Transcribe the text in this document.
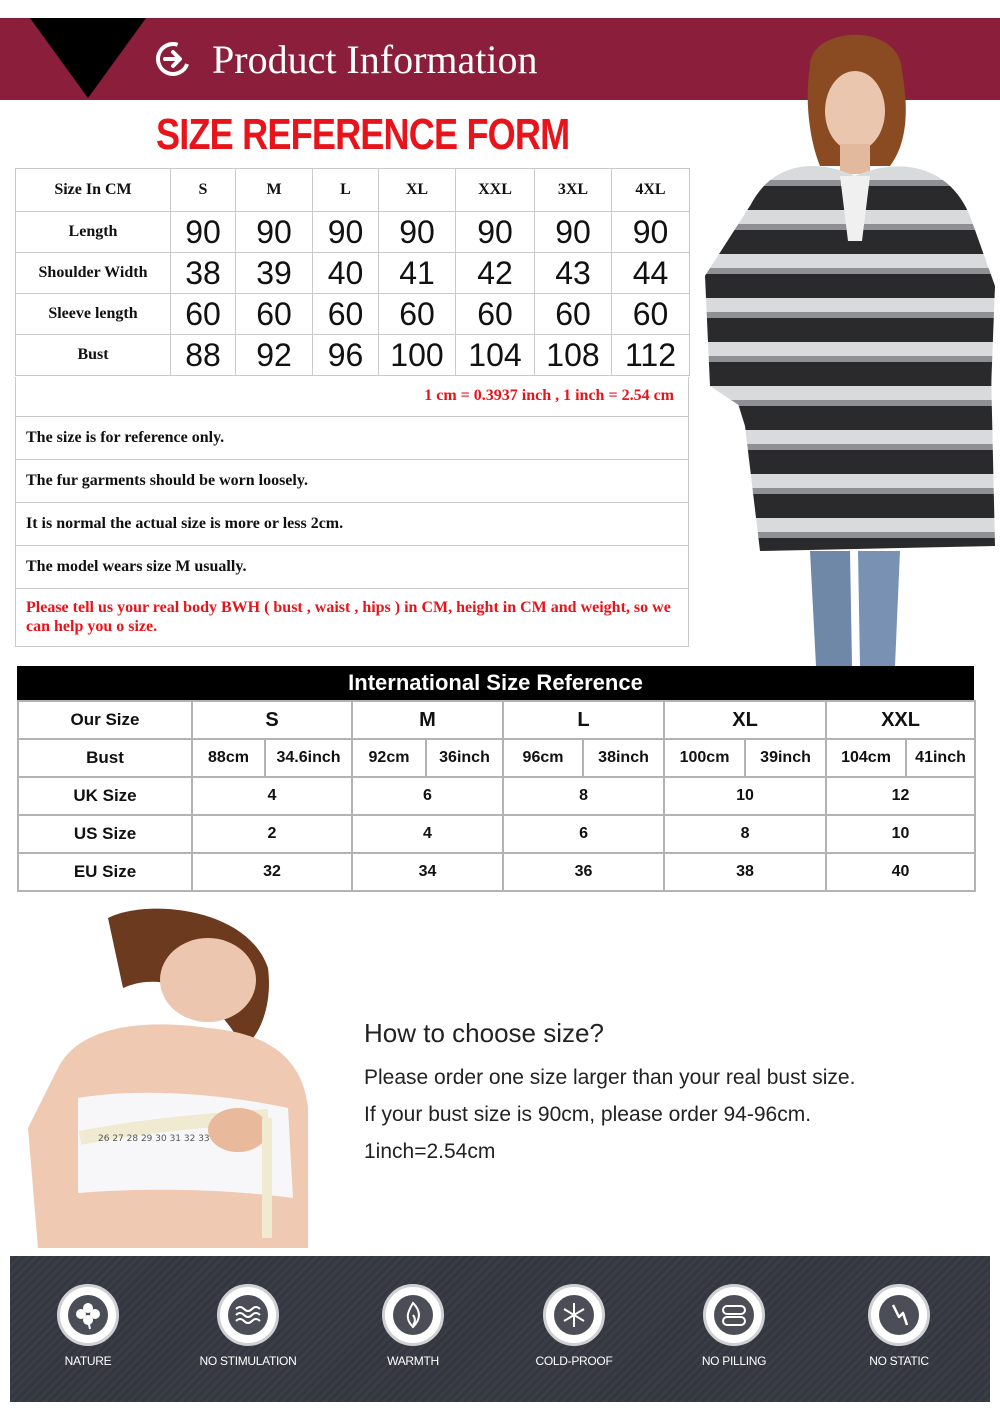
Product Information
SIZE REFERENCE FORM
Size In CM	S	M	L	XL	XXL	3XL	4XL
Length	90	90	90	90	90	90	90
Shoulder Width	38	39	40	41	42	43	44
Sleeve length	60	60	60	60	60	60	60
Bust	88	92	96	100	104	108	112
1 cm = 0.3937 inch , 1 inch = 2.54 cm
The size is for reference only.
The fur garments should be worn loosely.
It is normal the actual size is more or less 2cm.
The model wears size M usually.
Please tell us your real body BWH ( bust , waist , hips ) in CM, height in CM and weight, so we can help you o size.
International Size Reference
Our Size	S		M		L		XL		XXL	
Bust	88cm	34.6inch	92cm	36inch	96cm	38inch	100cm	39inch	104cm	41inch
UK Size	4		6		8		10		12	
US Size	2		4		6		8		10	
EU Size	32		34		36		38		40	
26 27 28 29 30 31 32 33
How to choose size?
Please order one size larger than your real bust size.
If your bust size is 90cm, please order 94-96cm.
1inch=2.54cm
NATURE	NO STIMULATION	WARMTH	COLD-PROOF	NO PILLING	NO STATIC
